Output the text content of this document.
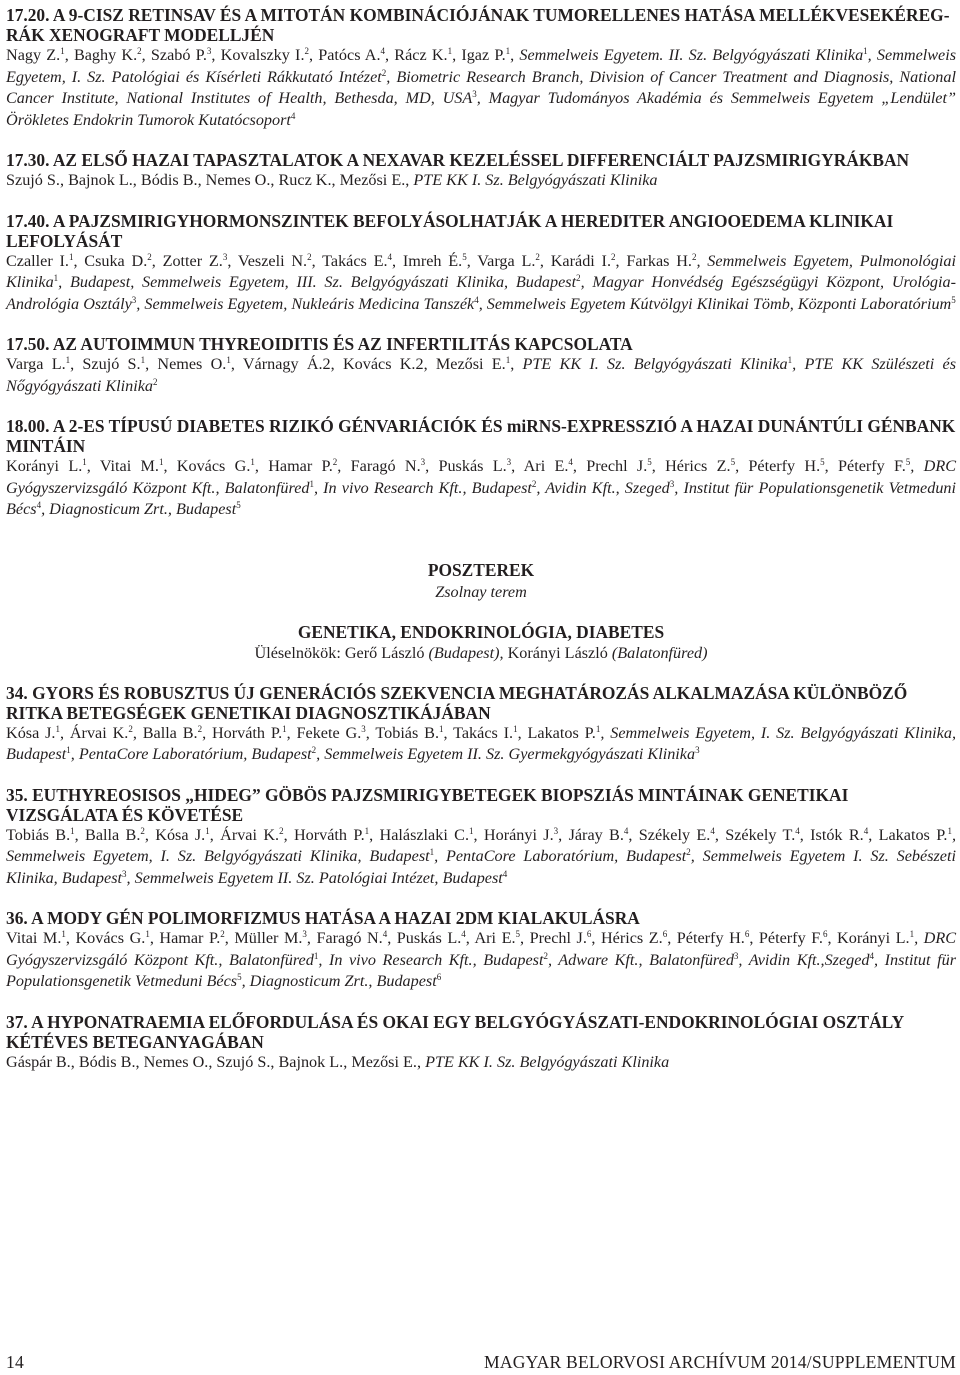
17.20. A 9-CISZ RETINSAV ÉS A MITOTÁN KOMBINÁCIÓJÁNAK TUMORELLENES HATÁSA MELLÉKVESEKÉREG-RÁK XENOGRAFT MODELLJÉN
Nagy Z.$^1$, Baghy K.$^2$, Szabó P.$^3$, Kovalszky I.$^2$, Patócs A.$^4$, Rácz K.$^1$, Igaz P.$^1$, Semmelweis Egyetem. II. Sz. Belgyógyászati Klinika$^1$, Semmelweis Egyetem, I. Sz. Patológiai és Kísérleti Rákkutató Intézet$^2$, Biometric Research Branch, Division of Cancer Treatment and Diagnosis, National Cancer Institute, National Institutes of Health, Bethesda, MD, USA$^3$, Magyar Tudományos Akadémia és Semmelweis Egyetem „Lendület” Örökletes Endokrin Tumorok Kutatócsoport$^4$
17.30. AZ ELSŐ HAZAI TAPASZTALATOK A NEXAVAR KEZELÉSSEL DIFFERENCIÁLT PAJZSMIRIGYRÁKBAN
Szujó S., Bajnok L., Bódis B., Nemes O., Rucz K., Mezősi E., PTE KK I. Sz. Belgyógyászati Klinika
17.40. A PAJZSMIRIGYHORMONSZINTEK BEFOLYÁSOLHATJÁK A HEREDITER ANGIOOEDEMA KLINIKAI LEFOLYÁSÁT
Czaller I.$^1$, Csuka D.$^2$, Zotter Z.$^3$, Veszeli N.$^2$, Takács E.$^4$, Imreh É.$^5$, Varga L.$^2$, Karádi I.$^2$, Farkas H.$^2$, Semmelweis Egyetem, Pulmonológiai Klinika$^1$, Budapest, Semmelweis Egyetem, III. Sz. Belgyógyászati Klinika, Budapest$^2$, Magyar Honvédség Egészségügyi Központ, Urológia-Andrológia Osztály$^3$, Semmelweis Egyetem, Nukleáris Medicina Tanszék$^4$, Semmelweis Egyetem Kútvölgyi Klinikai Tömb, Központi Laboratórium$^5$
17.50. AZ AUTOIMMUN THYREOIDITIS ÉS AZ INFERTILITÁS KAPCSOLATA
Varga L.$^1$, Szujó S.$^1$, Nemes O.$^1$, Várnagy Á.2, Kovács K.2, Mezősi E.$^1$, PTE KK I. Sz. Belgyógyászati Klinika$^1$, PTE KK Szülészeti és Nőgyógyászati Klinika$^2$
18.00. A 2-ES TÍPUSÚ DIABETES RIZIKÓ GÉNVARIÁCIÓK ÉS miRNS-EXPRESSZIÓ A HAZAI DUNÁNTÚLI GÉNBANK MINTÁIN
Korányi L.$^1$, Vitai M.$^1$, Kovács G.$^1$, Hamar P.$^2$, Faragó N.$^3$, Puskás L.$^3$, Ari E.$^4$, Prechl J.$^5$, Hérics Z.$^5$, Péterfy H.$^5$, Péterfy F.$^5$, DRC Gyógyszervizsgáló Központ Kft., Balatonfüred$^1$, In vivo Research Kft., Budapest$^2$, Avidin Kft., Szeged$^3$, Institut für Populationsgenetik Vetmeduni Bécs$^4$, Diagnosticum Zrt., Budapest$^5$
POSZTEREK
Zsolnay terem
GENETIKA, ENDOKRINOLÓGIA, DIABETES
Üléselnökök: Gerő László (Budapest), Korányi László (Balatonfüred)
34. GYORS ÉS ROBUSZTUS ÚJ GENERÁCIÓS SZEKVENCIA MEGHATÁROZÁS ALKALMAZÁSA KÜLÖNBÖZŐ RITKA BETEGSÉGEK GENETIKAI DIAGNOSZTIKÁJÁBAN
Kósa J.$^1$, Árvai K.$^2$, Balla B.$^2$, Horváth P.$^1$, Fekete G.$^3$, Tobiás B.$^1$, Takács I.$^1$, Lakatos P.$^1$, Semmelweis Egyetem, I. Sz. Belgyógyászati Klinika, Budapest$^1$, PentaCore Laboratórium, Budapest$^2$, Semmelweis Egyetem II. Sz. Gyermekgyógyászati Klinika$^3$
35. EUTHYREOSISOS „HIDEG” GÖBÖS PAJZSMIRIGYBETEGEK BIOPSZIÁS MINTÁINAK GENETIKAI VIZSGÁLATA ÉS KÖVETÉSE
Tobiás B.$^1$, Balla B.$^2$, Kósa J.$^1$, Árvai K.$^2$, Horváth P.$^1$, Halászlaki C.$^1$, Horányi J.$^3$, Járay B.$^4$, Székely E.$^4$, Székely T.$^4$, Istók R.$^4$, Lakatos P.$^1$, Semmelweis Egyetem, I. Sz. Belgyógyászati Klinika, Budapest$^1$, PentaCore Laboratórium, Budapest$^2$, Semmelweis Egyetem I. Sz. Sebészeti Klinika, Budapest$^3$, Semmelweis Egyetem II. Sz. Patológiai Intézet, Budapest$^4$
36. A MODY GÉN POLIMORFIZMUS HATÁSA A HAZAI 2DM KIALAKULÁSRA
Vitai M.$^1$, Kovács G.$^1$, Hamar P.$^2$, Müller M.$^3$, Faragó N.$^4$, Puskás L.$^4$, Ari E.$^5$, Prechl J.$^6$, Hérics Z.$^6$, Péterfy H.$^6$, Péterfy F.$^6$, Korányi L.$^1$, DRC Gyógyszervizsgáló Központ Kft., Balatonfüred$^1$, In vivo Research Kft., Budapest$^2$, Adware Kft., Balatonfüred$^3$, Avidin Kft.,Szeged$^4$, Institut für Populationsgenetik Vetmeduni Bécs$^5$, Diagnosticum Zrt., Budapest$^6$
37. A HYPONATRAEMIA ELŐFORDULÁSA ÉS OKAI EGY BELGYÓGYÁSZATI-ENDOKRINOLÓGIAI OSZTÁLY KÉTÉVES BETEGANYAGÁBAN
Gáspár B., Bódis B., Nemes O., Szujó S., Bajnok L., Mezősi E., PTE KK I. Sz. Belgyógyászati Klinika
14	MAGYAR BELORVOSI ARCHÍVUM 2014/SUPPLEMENTUM
